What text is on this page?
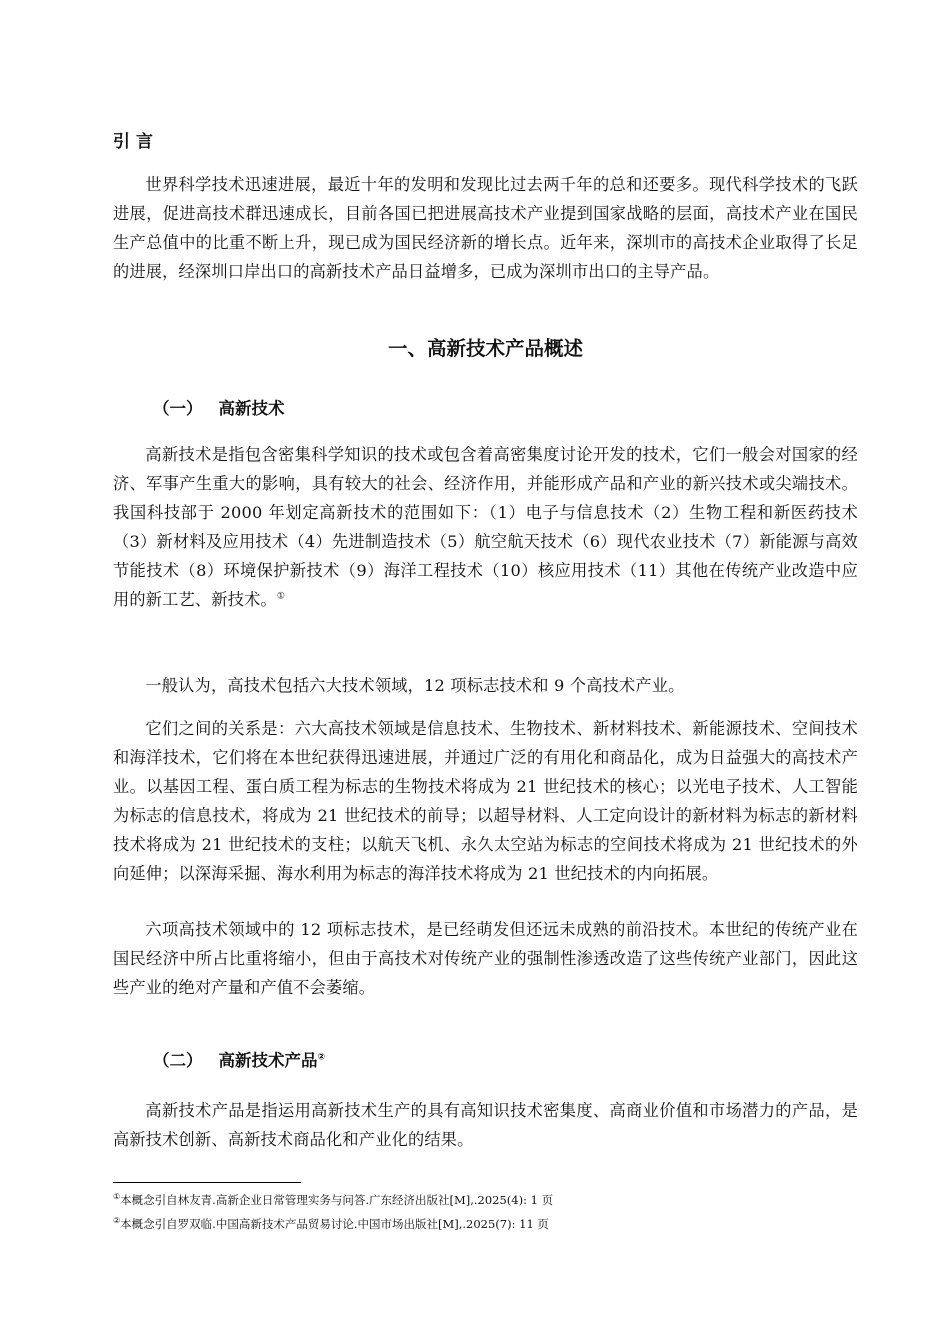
引言

世界科学技术迅速进展，最近十年的发明和发现比过去两千年的总和还要多。现代科学技术的飞跃进展，促进高技术群迅速成长，目前各国已把进展高技术产业提到国家战略的层面，高技术产业在国民生产总值中的比重不断上升，现已成为国民经济新的增长点。近年来，深圳市的高技术企业取得了长足的进展，经深圳口岸出口的高新技术产品日益增多，已成为深圳市出口的主导产品。

一、高新技术产品概述
（一） 高新技术

高新技术是指包含密集科学知识的技术或包含着高密集度讨论开发的技术，它们一般会对国家的经济、军事产生重大的影响，具有较大的社会、经济作用，并能形成产品和产业的新兴技术或尖端技术。我国科技部于 2000 年划定高新技术的范围如下：（1）电子与信息技术（2）生物工程和新医药技术（3）新材料及应用技术（4）先进制造技术（5）航空航天技术（6）现代农业技术（7）新能源与高效节能技术（8）环境保护新技术（9）海洋工程技术（10）核应用技术（11）其他在传统产业改造中应用的新工艺、新技术。①

一般认为，高技术包括六大技术领域，12 项标志技术和 9 个高技术产业。

它们之间的关系是：六大高技术领域是信息技术、生物技术、新材料技术、新能源技术、空间技术和海洋技术，它们将在本世纪获得迅速进展，并通过广泛的有用化和商品化，成为日益强大的高技术产业。以基因工程、蛋白质工程为标志的生物技术将成为 21 世纪技术的核心；以光电子技术、人工智能为标志的信息技术，将成为 21 世纪技术的前导；以超导材料、人工定向设计的新材料为标志的新材料技术将成为 21 世纪技术的支柱；以航天飞机、永久太空站为标志的空间技术将成为 21 世纪技术的外向延伸；以深海采掘、海水利用为标志的海洋技术将成为 21 世纪技术的内向拓展。

六项高技术领域中的 12 项标志技术，是已经萌发但还远未成熟的前沿技术。本世纪的传统产业在国民经济中所占比重将缩小，但由于高技术对传统产业的强制性渗透改造了这些传统产业部门，因此这些产业的绝对产量和产值不会萎缩。

（二） 高新技术产品②

高新技术产品是指运用高新技术生产的具有高知识技术密集度、高商业价值和市场潜力的产品，是高新技术创新、高新技术商品化和产业化的结果。

①本概念引自林友青.高新企业日常管理实务与问答.广东经济出版社[M],.2025(4): 1 页
②本概念引自罗双临.中国高新技术产品贸易讨论.中国市场出版社[M],.2025(7): 11 页
